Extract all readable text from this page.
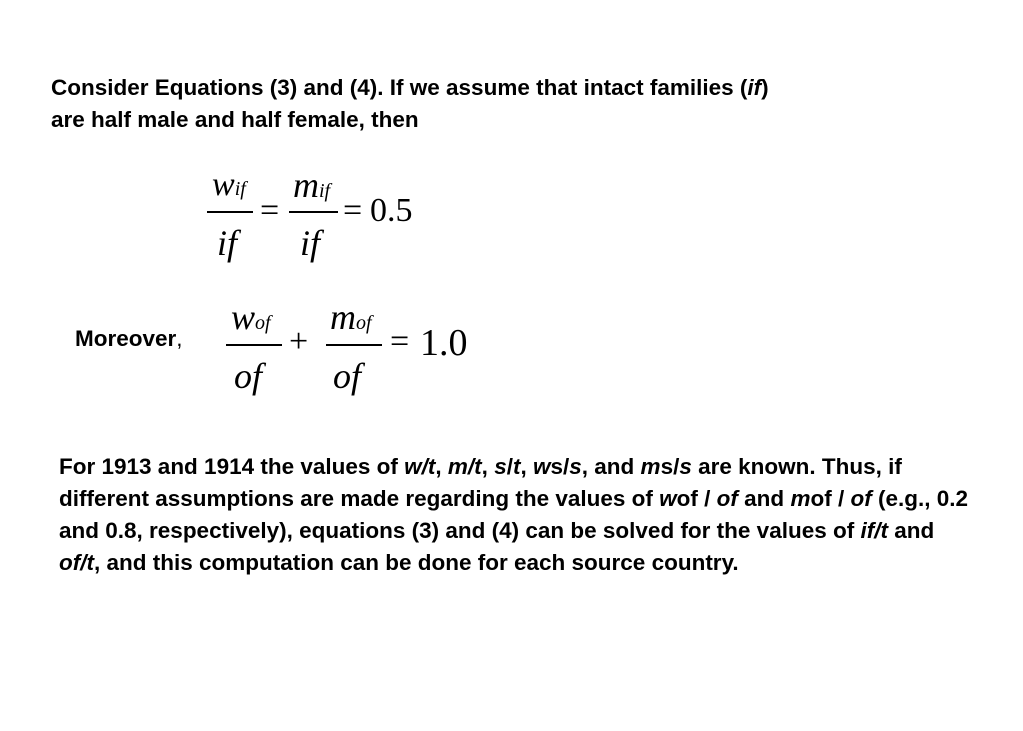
Consider Equations (3) and (4). If we assume that intact families (if)
are half male and half female, then

wif
if
=
mif
if
= 0.5
Moreover,
wof
of
+
mof
of
= 1.0

For 1913 and 1914 the values of w/t, m/t, s/t, ws/s, and ms/s are known. Thus, if different assumptions are made regarding the values of wof / of and mof / of (e.g., 0.2 and 0.8, respectively), equations (3) and (4) can be solved for the values of if/t and of/t, and this computation can be done for each source country.
